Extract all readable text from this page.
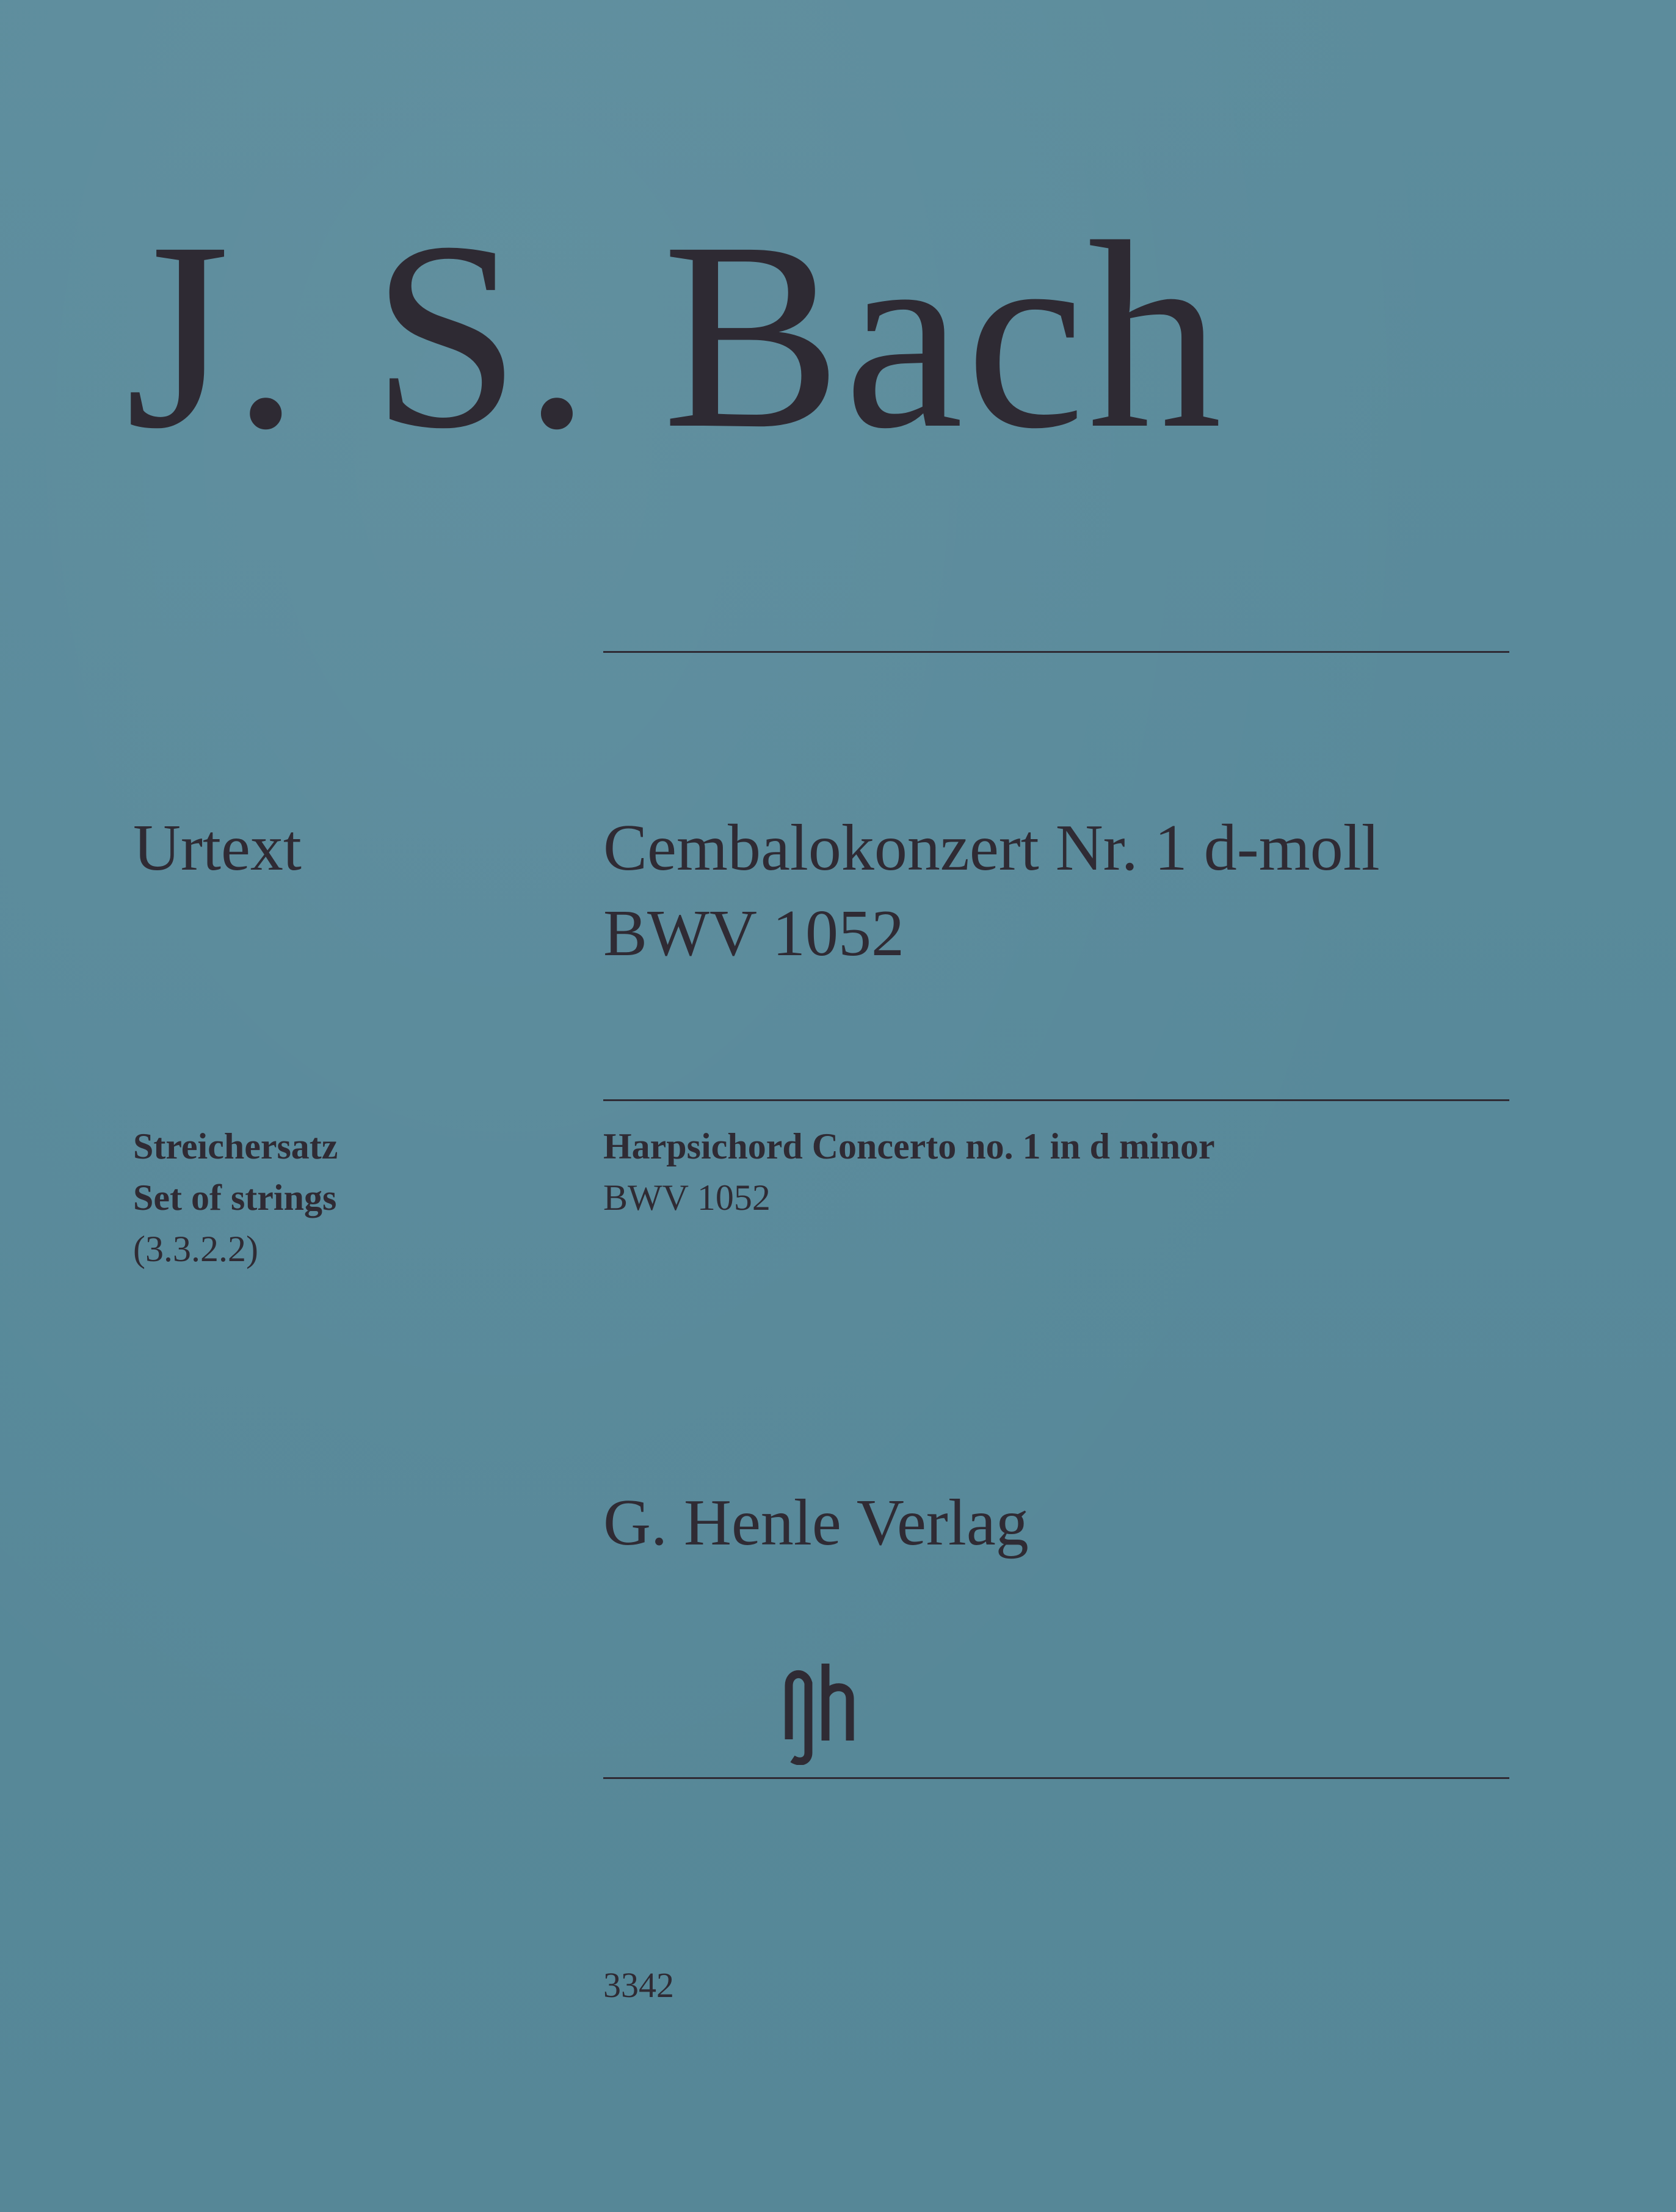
J. S. Bach
Urtext	Cembalokonzert Nr. 1 d-moll
BWV 1052
Streichersatz
Set of strings
(3.3.2.2)
Harpsichord Concerto no. 1 in d minor
BWV 1052
G. Henle Verlag
3342
